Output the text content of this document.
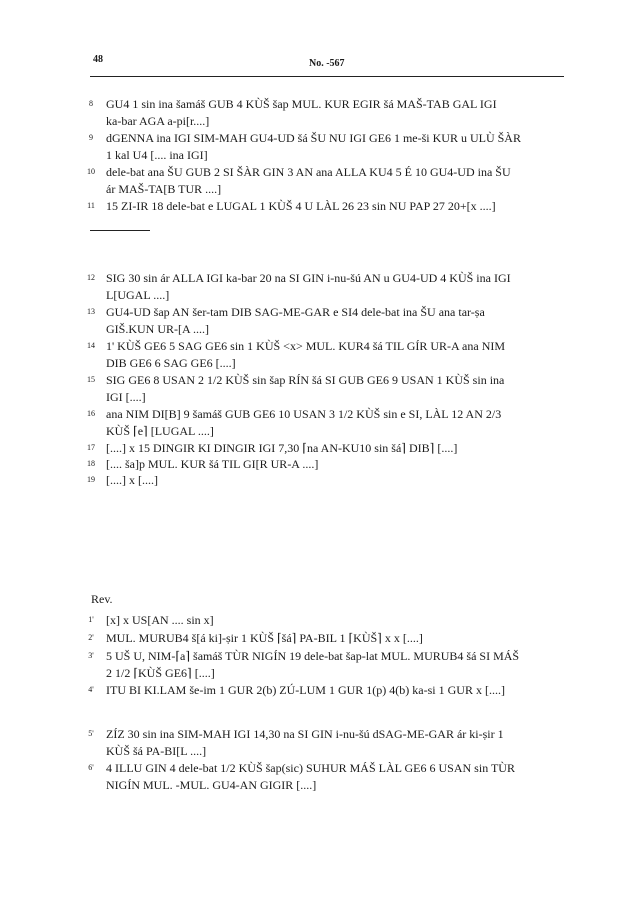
48	No. -567
8	GU4 1 sin ina šamáš GUB 4 KÙŠ šap MUL. KUR EGIR šá MAŠ-TAB GAL IGI
ka-bar AGA a-pi[r....]
9	dGENNA ina IGI SIM-MAH GU4-UD šá ŠU NU IGI GE6 1 me-ši KUR u ULÙ ŠÀR
1 kal U4 [.... ina IGI]
10 dele-bat ana ŠU GUB 2 SI ŠÀR GIN 3 AN ana ALLA KU4 5 É 10 GU4-UD ina ŠU
ár MAŠ-TA[B TUR ....]
11 15 ZI-IR 18 dele-bat e LUGAL 1 KÙŠ 4 U LÀL 26 23 sin NU PAP 27 20+[x ....]
12 SIG 30 sin ár ALLA IGI ka-bar 20 na SI GIN i-nu-šú AN u GU4-UD 4 KÙŠ ina IGI
L[UGAL ....]
13 GU4-UD šap AN šer-tam DIB SAG-ME-GAR e SI4 dele-bat ina ŠU ana tar-ṣa
GIŠ.KUN UR-[A ....]
14 1' KÙŠ GE6 5 SAG GE6 sin 1 KÙŠ <x> MUL. KUR4 šá TIL GÍR UR-A ana NIM
DIB GE6 6 SAG GE6 [....]
15 SIG GE6 8 USAN 2 1/2 KÙŠ sin šap RÍN šá SI GUB GE6 9 USAN 1 KÙŠ sin ina
IGI [....]
16 ana NIM DI[B] 9 šamáš GUB GE6 10 USAN 3 1/2 KÙŠ sin e SI, LÀL 12 AN 2/3
KÙŠ ⌈e⌉ [LUGAL ....]
17 [....] x 15 DINGIR KI DINGIR IGI 7,30 ⌈na AN-KU10 sin šá⌉ DIB⌉ [....]
18 [.... ša]p MUL. KUR šá TIL GI[R UR-A ....]
19 [....] x [....]
Rev.
1'	[x] x US[AN .... sin x]
2'	MUL. MURUB4 š[á ki]-ṣir 1 KÙŠ ⌈šá⌉ PA-BIL 1 ⌈KÙŠ⌉ x x [....]
3'	5 UŠ U, NIM-⌈a⌉ šamáš TÙR NIGÍN 19 dele-bat šap-lat MUL. MURUB4 šá SI MÁŠ
2 1/2 ⌈KÙŠ GE6⌉ [....]
4'	ITU BI KI.LAM še-im 1 GUR 2(b) ZÚ-LUM 1 GUR 1(p) 4(b) ka-si 1 GUR x [....]
5'	ZÍZ 30 sin ina SIM-MAH IGI 14,30 na SI GIN i-nu-šú dSAG-ME-GAR ár ki-ṣir 1
KÙŠ šá PA-BI[L ....]
6'	4 ILLU GIN 4 dele-bat 1/2 KÙŠ šap(sic) SUHUR MÁŠ LÀL GE6 6 USAN sin TÙR
NIGÍN MUL. -MUL. GU4-AN GIGIR [....]
